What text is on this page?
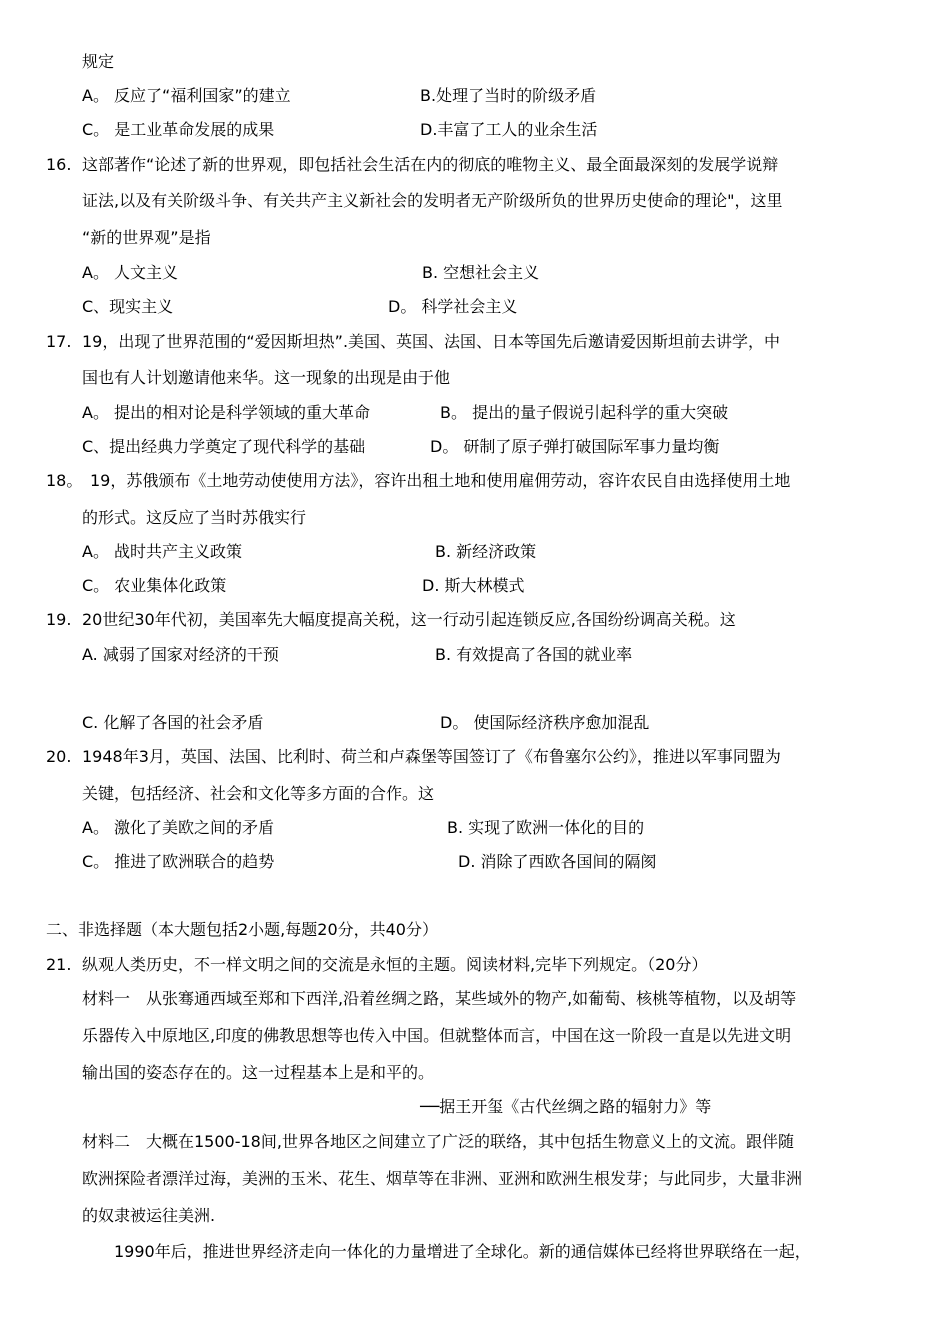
规定
A。 反应了“福利国家”的建立	B.处理了当时的阶级矛盾
C。 是工业革命发展的成果	D.丰富了工人的业余生活
16. 这部著作“论述了新的世界观，即包括社会生活在内的彻底的唯物主义、最全面最深刻的发展学说辩
证法,以及有关阶级斗争、有关共产主义新社会的发明者无产阶级所负的世界历史使命的理论"，这里
“新的世界观”是指
A。 人文主义	B. 空想社会主义
C、现实主义	D。 科学社会主义
17. 19，出现了世界范围的“爱因斯坦热”.美国、英国、法国、日本等国先后邀请爱因斯坦前去讲学，中
国也有人计划邀请他来华。这一现象的出现是由于他
A。 提出的相对论是科学领域的重大革命	B。 提出的量子假说引起科学的重大突破
C、提出经典力学奠定了现代科学的基础	D。 研制了原子弹打破国际军事力量均衡
18。 19，苏俄颁布《土地劳动使使用方法》，容许出租土地和使用雇佣劳动，容许农民自由选择使用土地
的形式。这反应了当时苏俄实行
A。 战时共产主义政策	B. 新经济政策
C。 农业集体化政策	D. 斯大林模式
19. 20世纪30年代初，美国率先大幅度提高关税，这一行动引起连锁反应,各国纷纷调高关税。这
A. 减弱了国家对经济的干预	B. 有效提高了各国的就业率
C. 化解了各国的社会矛盾	D。 使国际经济秩序愈加混乱
20. 1948年3月，英国、法国、比利时、荷兰和卢森堡等国签订了《布鲁塞尔公约》，推进以军事同盟为
关键，包括经济、社会和文化等多方面的合作。这
A。 激化了美欧之间的矛盾	B. 实现了欧洲一体化的目的
C。 推进了欧洲联合的趋势	D. 消除了西欧各国间的隔阂
二、非选择题（本大题包括2小题,每题20分，共40分）
21. 纵观人类历史，不一样文明之间的交流是永恒的主题。阅读材料,完毕下列规定。（20分）
材料一　从张骞通西域至郑和下西洋,沿着丝绸之路，某些域外的物产,如葡萄、核桃等植物，以及胡等
乐器传入中原地区,印度的佛教思想等也传入中国。但就整体而言，中国在这一阶段一直是以先进文明
输出国的姿态存在的。这一过程基本上是和平的。
──据王开玺《古代丝绸之路的辐射力》等
材料二　大概在1500-18间,世界各地区之间建立了广泛的联络，其中包括生物意义上的文流。跟伴随
欧洲探险者漂洋过海，美洲的玉米、花生、烟草等在非洲、亚洲和欧洲生根发芽；与此同步，大量非洲
的奴隶被运往美洲.
1990年后，推进世界经济走向一体化的力量增进了全球化。新的通信媒体已经将世界联络在一起，
